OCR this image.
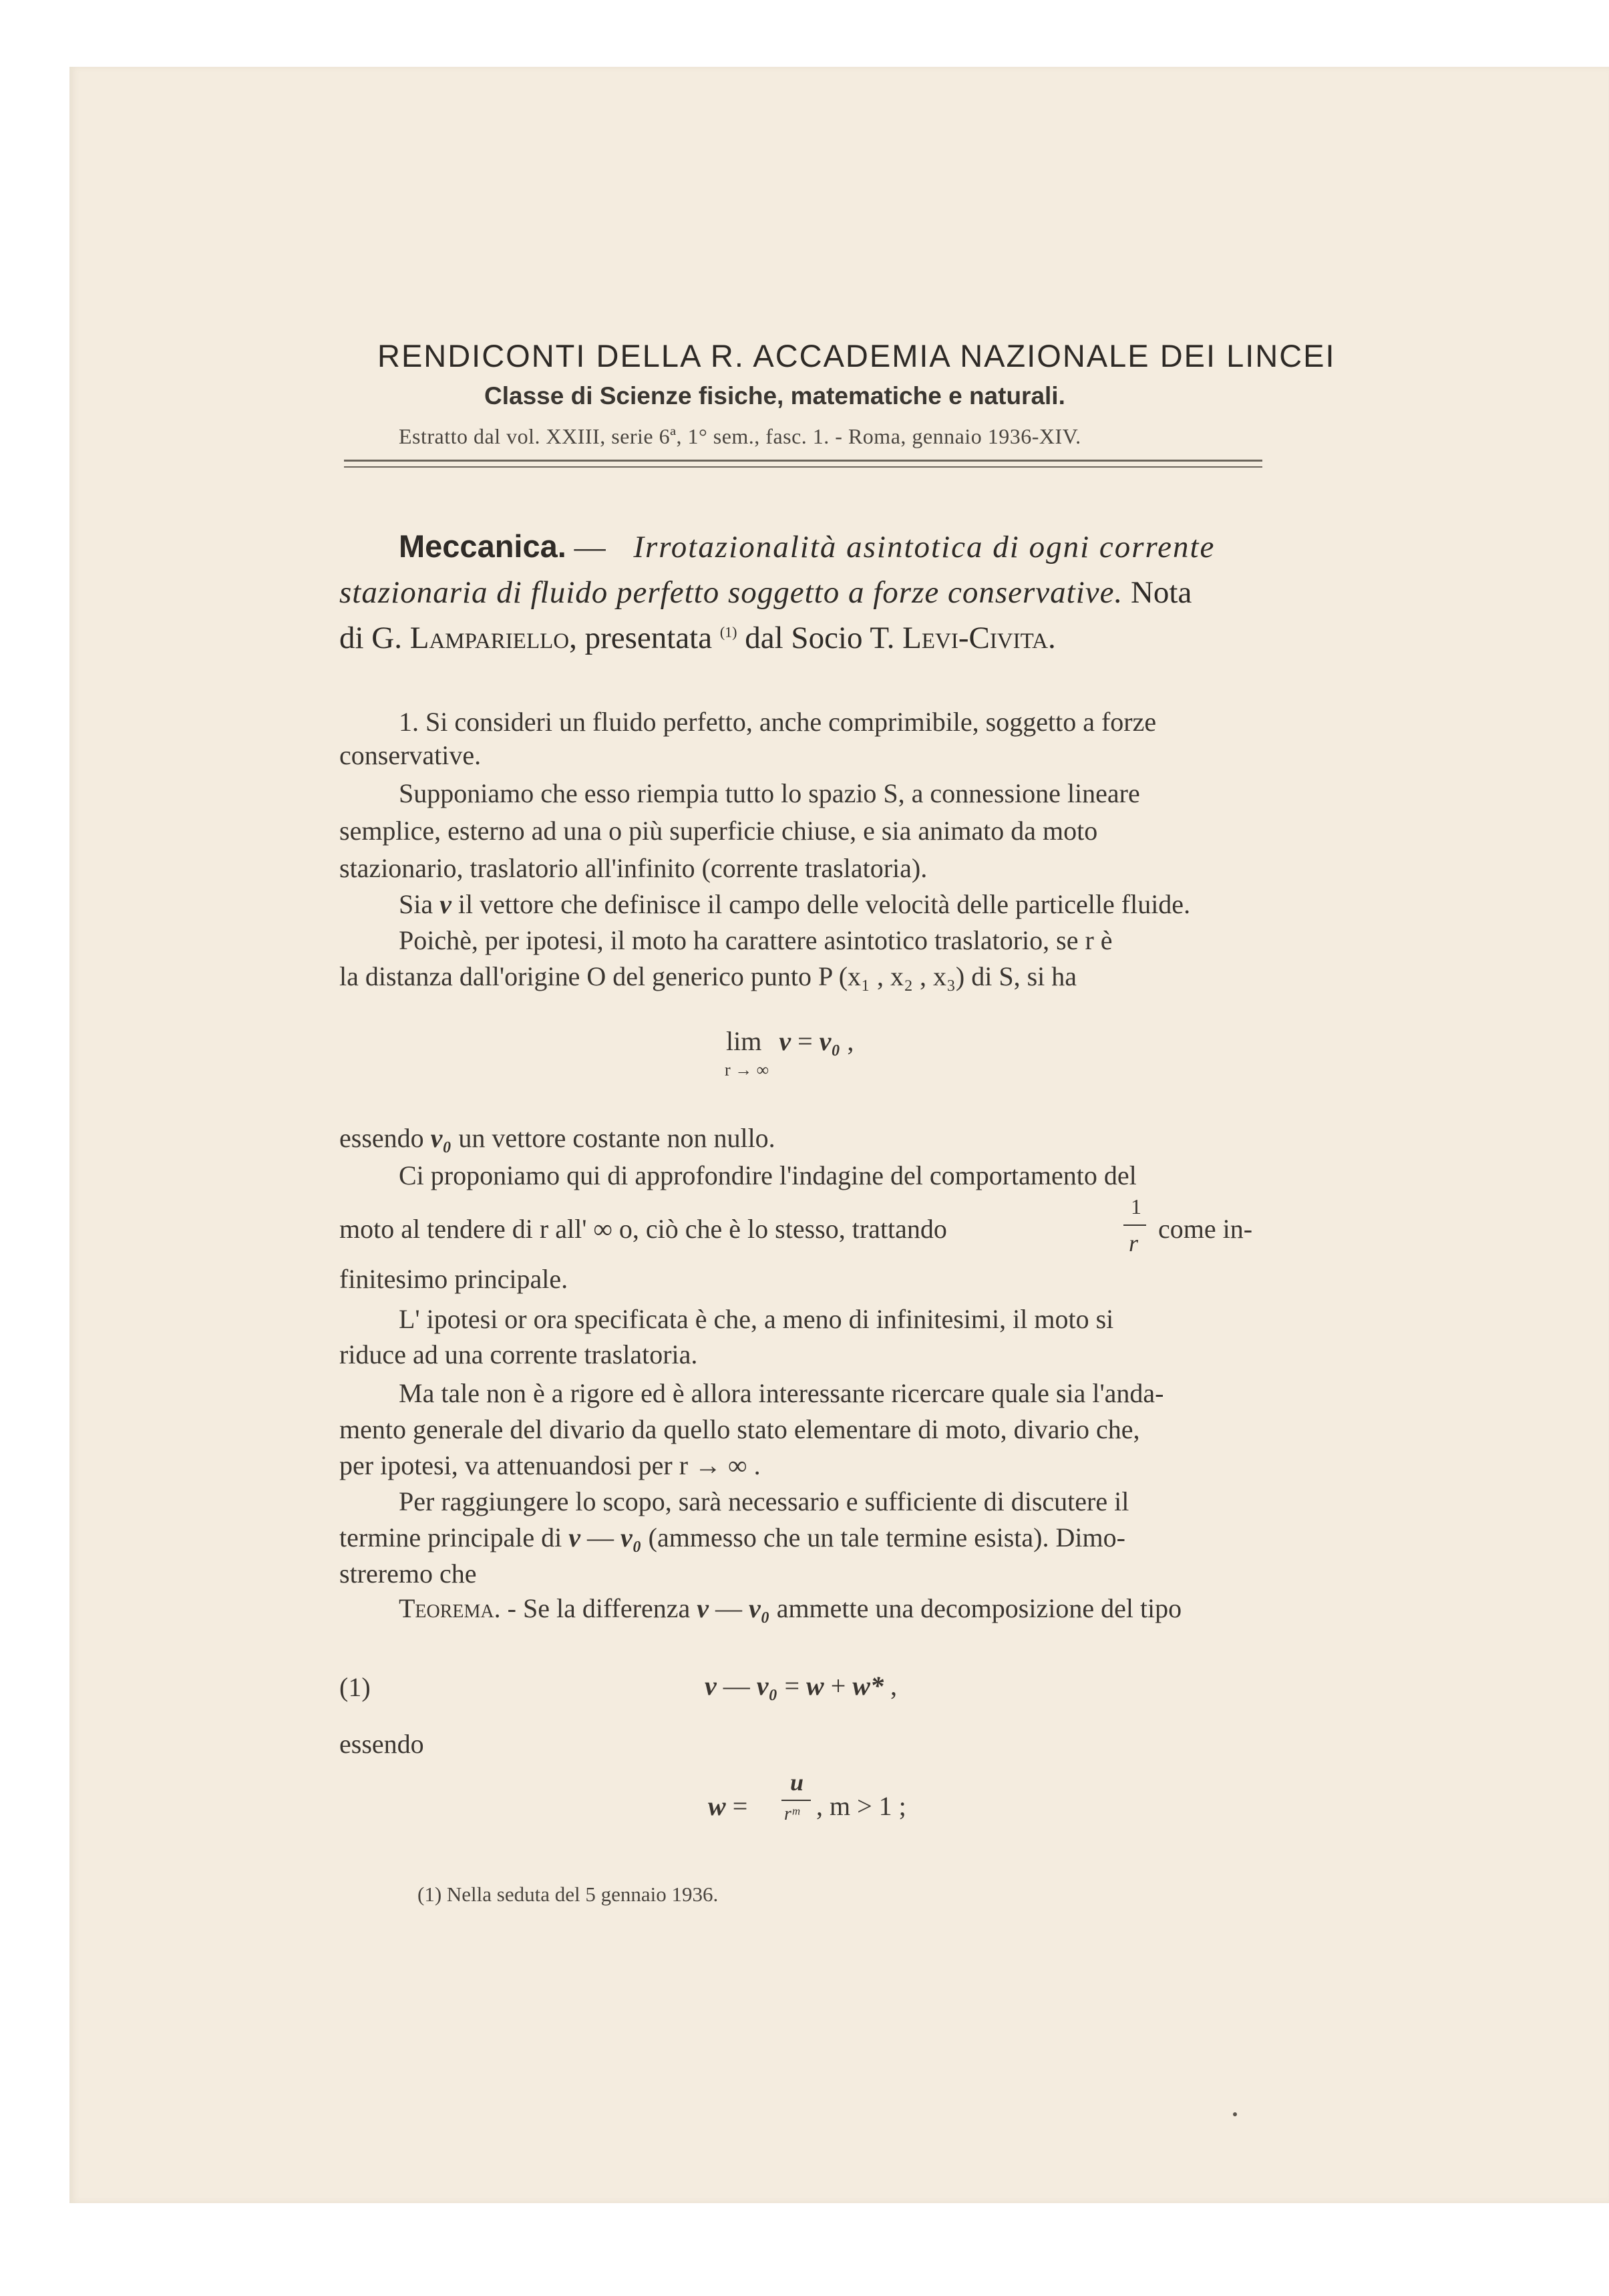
RENDICONTI DELLA R. ACCADEMIA NAZIONALE DEI LINCEI
Classe di Scienze fisiche, matematiche e naturali.
Estratto dal vol. XXIII, serie 6ª, 1° sem., fasc. 1. - Roma, gennaio 1936-XIV.
Meccanica. — Irrotazionalità asintotica di ogni corrente
stazionaria di fluido perfetto soggetto a forze conservative. Nota
di G. Lampariello, presentata $^{(1)}$ dal Socio T. Levi-Civita.
1. Si consideri un fluido perfetto, anche comprimibile, soggetto a forze
conservative.
Supponiamo che esso riempia tutto lo spazio S, a connessione lineare
semplice, esterno ad una o più superficie chiuse, e sia animato da moto
stazionario, traslatorio all'infinito (corrente traslatoria).
Sia v il vettore che definisce il campo delle velocità delle particelle fluide.
Poichè, per ipotesi, il moto ha carattere asintotico traslatorio, se r è
la distanza dall'origine O del generico punto P (x₁ , x₂ , x₃) di S, si ha
lim v = v₀ ,
r → ∞
essendo v₀ un vettore costante non nullo.
Ci proponiamo qui di approfondire l'indagine del comportamento del
moto al tendere di r all' ∞ o, ciò che è lo stesso, trattando
1
r come in-
finitesimo principale.
L' ipotesi or ora specificata è che, a meno di infinitesimi, il moto si
riduce ad una corrente traslatoria.
Ma tale non è a rigore ed è allora interessante ricercare quale sia l'anda-
mento generale del divario da quello stato elementare di moto, divario che,
per ipotesi, va attenuandosi per r → ∞ .
Per raggiungere lo scopo, sarà necessario e sufficiente di discutere il
termine principale di v — v₀ (ammesso che un tale termine esista). Dimo-
streremo che
Teorema. - Se la differenza v — v₀ ammette una decomposizione del tipo
(1)	v — v₀ = w + w* ,
essendo
w =
u
rᵐ , m > 1 ;
(1) Nella seduta del 5 gennaio 1936.
